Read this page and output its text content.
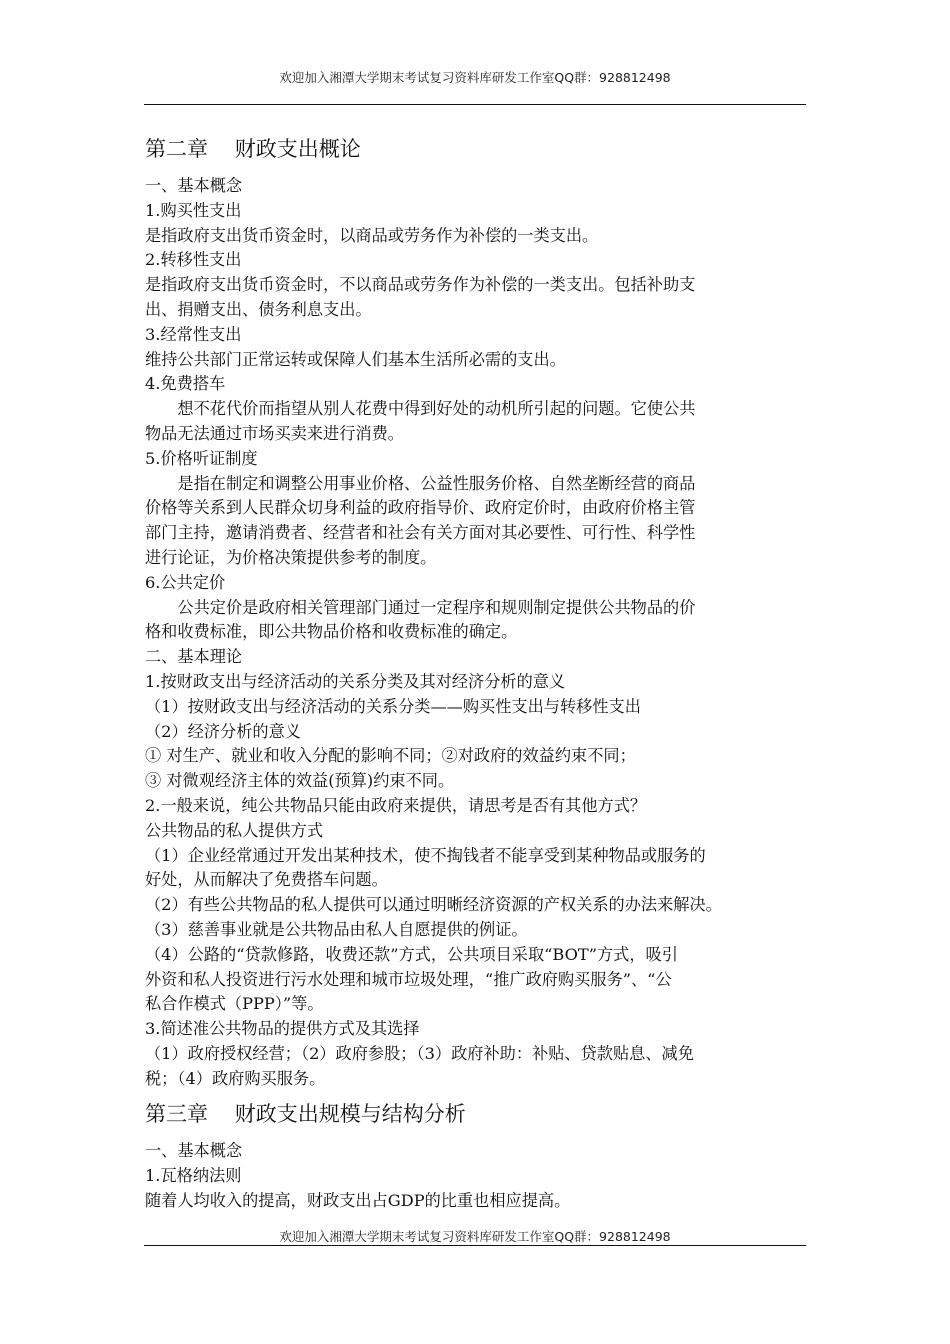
欢迎加入湘潭大学期末考试复习资料库研发工作室QQ群：928812498
第二章    财政支出概论
一、基本概念
1.购买性支出
是指政府支出货币资金时，以商品或劳务作为补偿的一类支出。
2.转移性支出
是指政府支出货币资金时，不以商品或劳务作为补偿的一类支出。包括补助支
出、捐赠支出、债务利息支出。
3.经常性支出
维持公共部门正常运转或保障人们基本生活所必需的支出。
4.免费搭车
想不花代价而指望从别人花费中得到好处的动机所引起的问题。它使公共
物品无法通过市场买卖来进行消费。
5.价格听证制度
是指在制定和调整公用事业价格、公益性服务价格、自然垄断经营的商品
价格等关系到人民群众切身利益的政府指导价、政府定价时，由政府价格主管
部门主持，邀请消费者、经营者和社会有关方面对其必要性、可行性、科学性
进行论证，为价格决策提供参考的制度。
6.公共定价
公共定价是政府相关管理部门通过一定程序和规则制定提供公共物品的价
格和收费标准，即公共物品价格和收费标准的确定。
二、基本理论
1.按财政支出与经济活动的关系分类及其对经济分析的意义
（1）按财政支出与经济活动的关系分类——购买性支出与转移性支出
（2）经济分析的意义
① 对生产、就业和收入分配的影响不同；②对政府的效益约束不同；
③ 对微观经济主体的效益(预算)约束不同。
2.一般来说，纯公共物品只能由政府来提供，请思考是否有其他方式？
公共物品的私人提供方式
（1）企业经常通过开发出某种技术，使不掏钱者不能享受到某种物品或服务的
好处，从而解决了免费搭车问题。
（2）有些公共物品的私人提供可以通过明晰经济资源的产权关系的办法来解决。
（3）慈善事业就是公共物品由私人自愿提供的例证。
（4）公路的“贷款修路，收费还款”方式，公共项目采取“BOT”方式，吸引
外资和私人投资进行污水处理和城市垃圾处理，“推广政府购买服务”、“公
私合作模式（PPP）”等。
3.简述准公共物品的提供方式及其选择
（1）政府授权经营；（2）政府参股；（3）政府补助：补贴、贷款贴息、减免
税；（4）政府购买服务。
第三章    财政支出规模与结构分析
一、基本概念
1.瓦格纳法则
随着人均收入的提高，财政支出占GDP的比重也相应提高。
欢迎加入湘潭大学期末考试复习资料库研发工作室QQ群：928812498
